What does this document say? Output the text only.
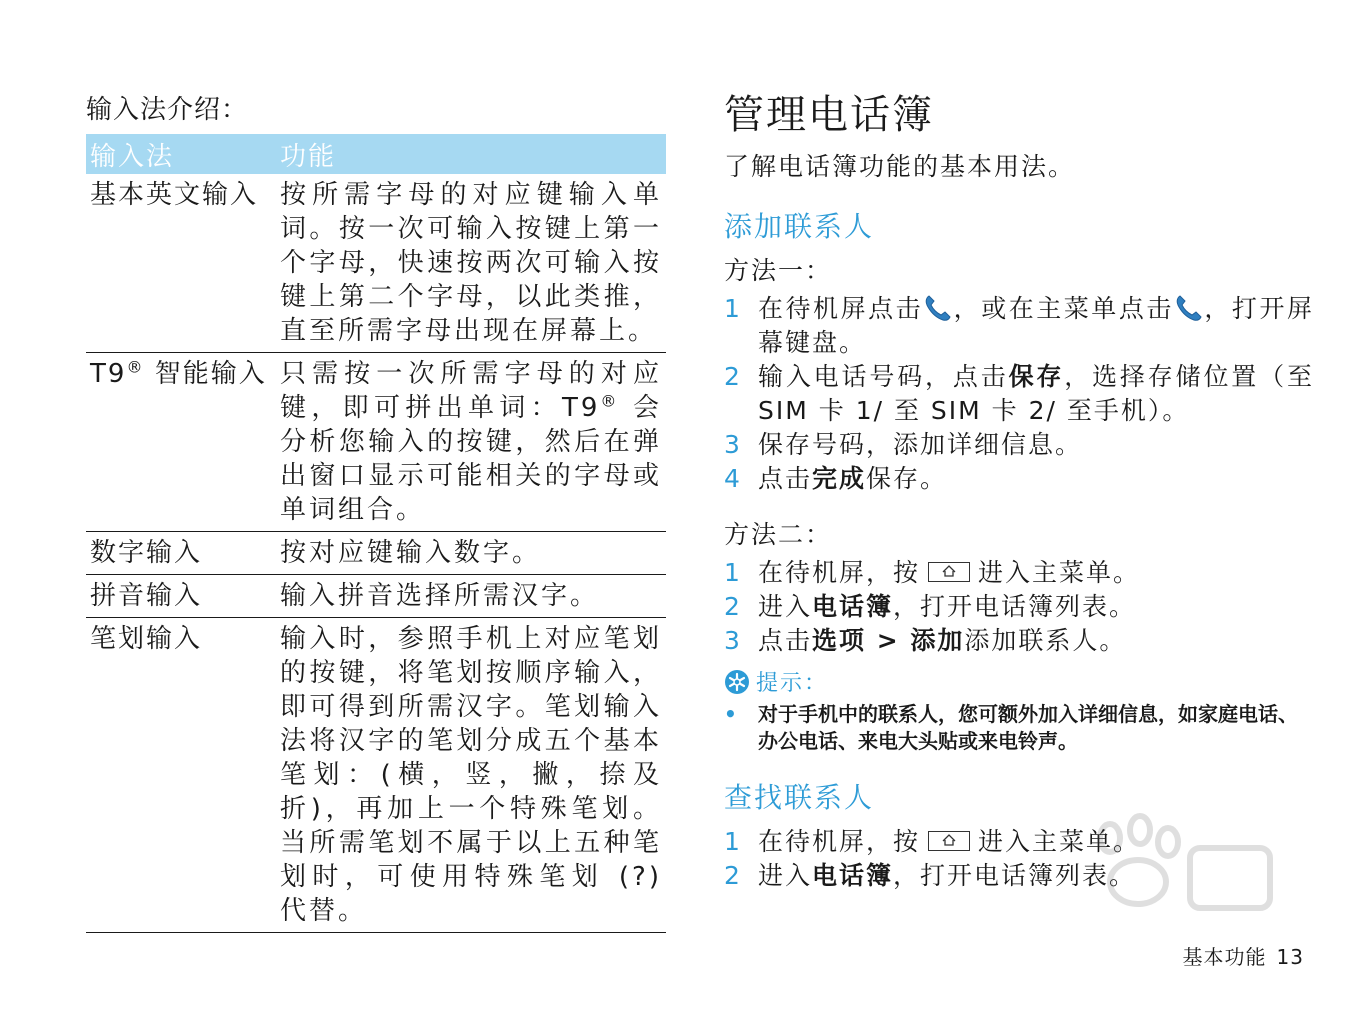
输入法介绍：

输入法	功能
基本英文输入	按所需字母的对应键输入单词。按一次可输入按键上第一个字母，快速按两次可输入按键上第二个字母，以此类推，直至所需字母出现在屏幕上。
T9® 智能输入	只需按一次所需字母的对应键，即可拼出单词：T9® 会分析您输入的按键，然后在弹出窗口显示可能相关的字母或单词组合。
数字输入	按对应键输入数字。
拼音输入	输入拼音选择所需汉字。
笔划输入	输入时，参照手机上对应笔划的按键，将笔划按顺序输入，即可得到所需汉字。笔划输入法将汉字的笔划分成五个基本笔划：(横，竖，撇，捺及折)，再加上一个特殊笔划。当所需笔划不属于以上五种笔划时，可使用特殊笔划 (?) 代替。
管理电话簿

了解电话簿功能的基本用法。

添加联系人

方法一：

1 在待机屏点击 ，或在主菜单点击 ，打开屏幕键盘。
2 输入电话号码，点击保存，选择存储位置（至 SIM 卡 1/ 至 SIM 卡 2/ 至手机）。
3 保存号码，添加详细信息。
4 点击完成保存。

方法二：

1 在待机屏，按 进入主菜单。
2 进入电话簿，打开电话簿列表。
3 点击选项 > 添加添加联系人。
提示：
•	对于手机中的联系人，您可额外加入详细信息，如家庭电话、办公电话、来电大头贴或来电铃声。
查找联系人
1 在待机屏，按 进入主菜单。
2 进入电话簿，打开电话簿列表。
基本功能 13
